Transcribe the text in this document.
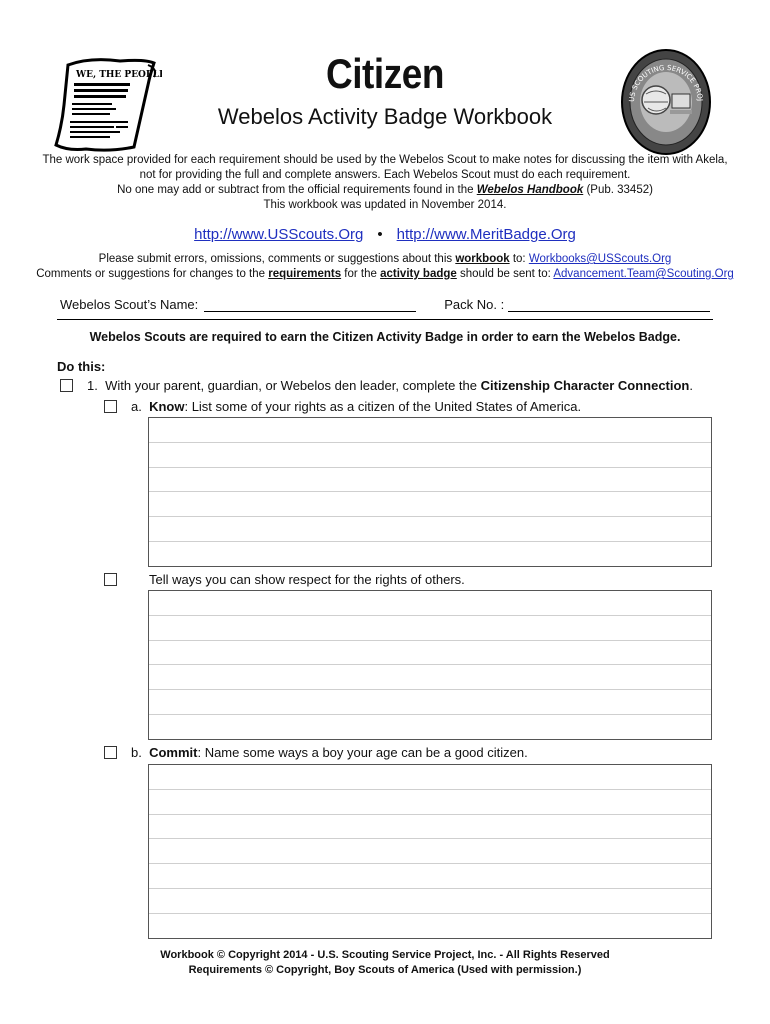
WE, THE PEOPLE	Citizen
Webelos Activity Badge Workbook
US SCOUTING SERVICE PROJ

The work space provided for each requirement should be used by the Webelos Scout to make notes for discussing the item with Akela,

not for providing the full and complete answers. Each Webelos Scout must do each requirement.

No one may add or subtract from the official requirements found in the Webelos Handbook (Pub. 33452)

This workbook was updated in November 2014.

http://www.USScouts.Org • http://www.MeritBadge.Org

Please submit errors, omissions, comments or suggestions about this workbook to: Workbooks@USScouts.Org

Comments or suggestions for changes to the requirements for the activity badge should be sent to: Advancement.Team@Scouting.Org

Webelos Scout’s Name:	Pack No. :
Webelos Scouts are required to earn the Citizen Activity Badge in order to earn the Webelos Badge.
Do this:
1. With your parent, guardian, or Webelos den leader, complete the Citizenship Character Connection.
a. Know: List some of your rights as a citizen of the United States of America.
Tell ways you can show respect for the rights of others.
b. Commit: Name some ways a boy your age can be a good citizen.

Workbook © Copyright 2014 - U.S. Scouting Service Project, Inc. - All Rights Reserved

Requirements © Copyright, Boy Scouts of America (Used with permission.)
